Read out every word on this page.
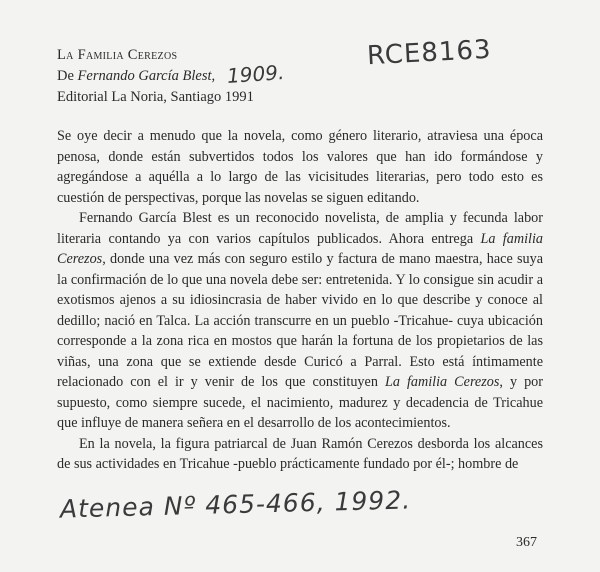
La Familia Cerezos
De Fernando García Blest,
Editorial La Noria, Santiago 1991
1909.
RCE8163

Se oye decir a menudo que la novela, como género literario, atraviesa una época penosa, donde están subvertidos todos los valores que han ido formándose y agregándose a aquélla a lo largo de las vicisitudes literarias, pero todo esto es cuestión de perspectivas, porque las novelas se siguen editando.

Fernando García Blest es un reconocido novelista, de amplia y fecunda labor literaria contando ya con varios capítulos publicados. Ahora entrega La familia Cerezos, donde una vez más con seguro estilo y factura de mano maestra, hace suya la confirmación de lo que una novela debe ser: entretenida. Y lo consigue sin acudir a exotismos ajenos a su idiosincrasia de haber vivido en lo que describe y conoce al dedillo; nació en Talca. La acción transcurre en un pueblo -Tricahue- cuya ubicación corresponde a la zona rica en mostos que harán la fortuna de los propietarios de las viñas, una zona que se extiende desde Curicó a Parral. Esto está íntimamente relacionado con el ir y venir de los que constituyen La familia Cerezos, y por supuesto, como siempre sucede, el nacimiento, madurez y decadencia de Tricahue que influye de manera señera en el desarrollo de los acontecimientos.

En la novela, la figura patriarcal de Juan Ramón Cerezos desborda los alcances de sus actividades en Tricahue -pueblo prácticamente fundado por él-; hombre de

Atenea Nº 465-466, 1992.
367
